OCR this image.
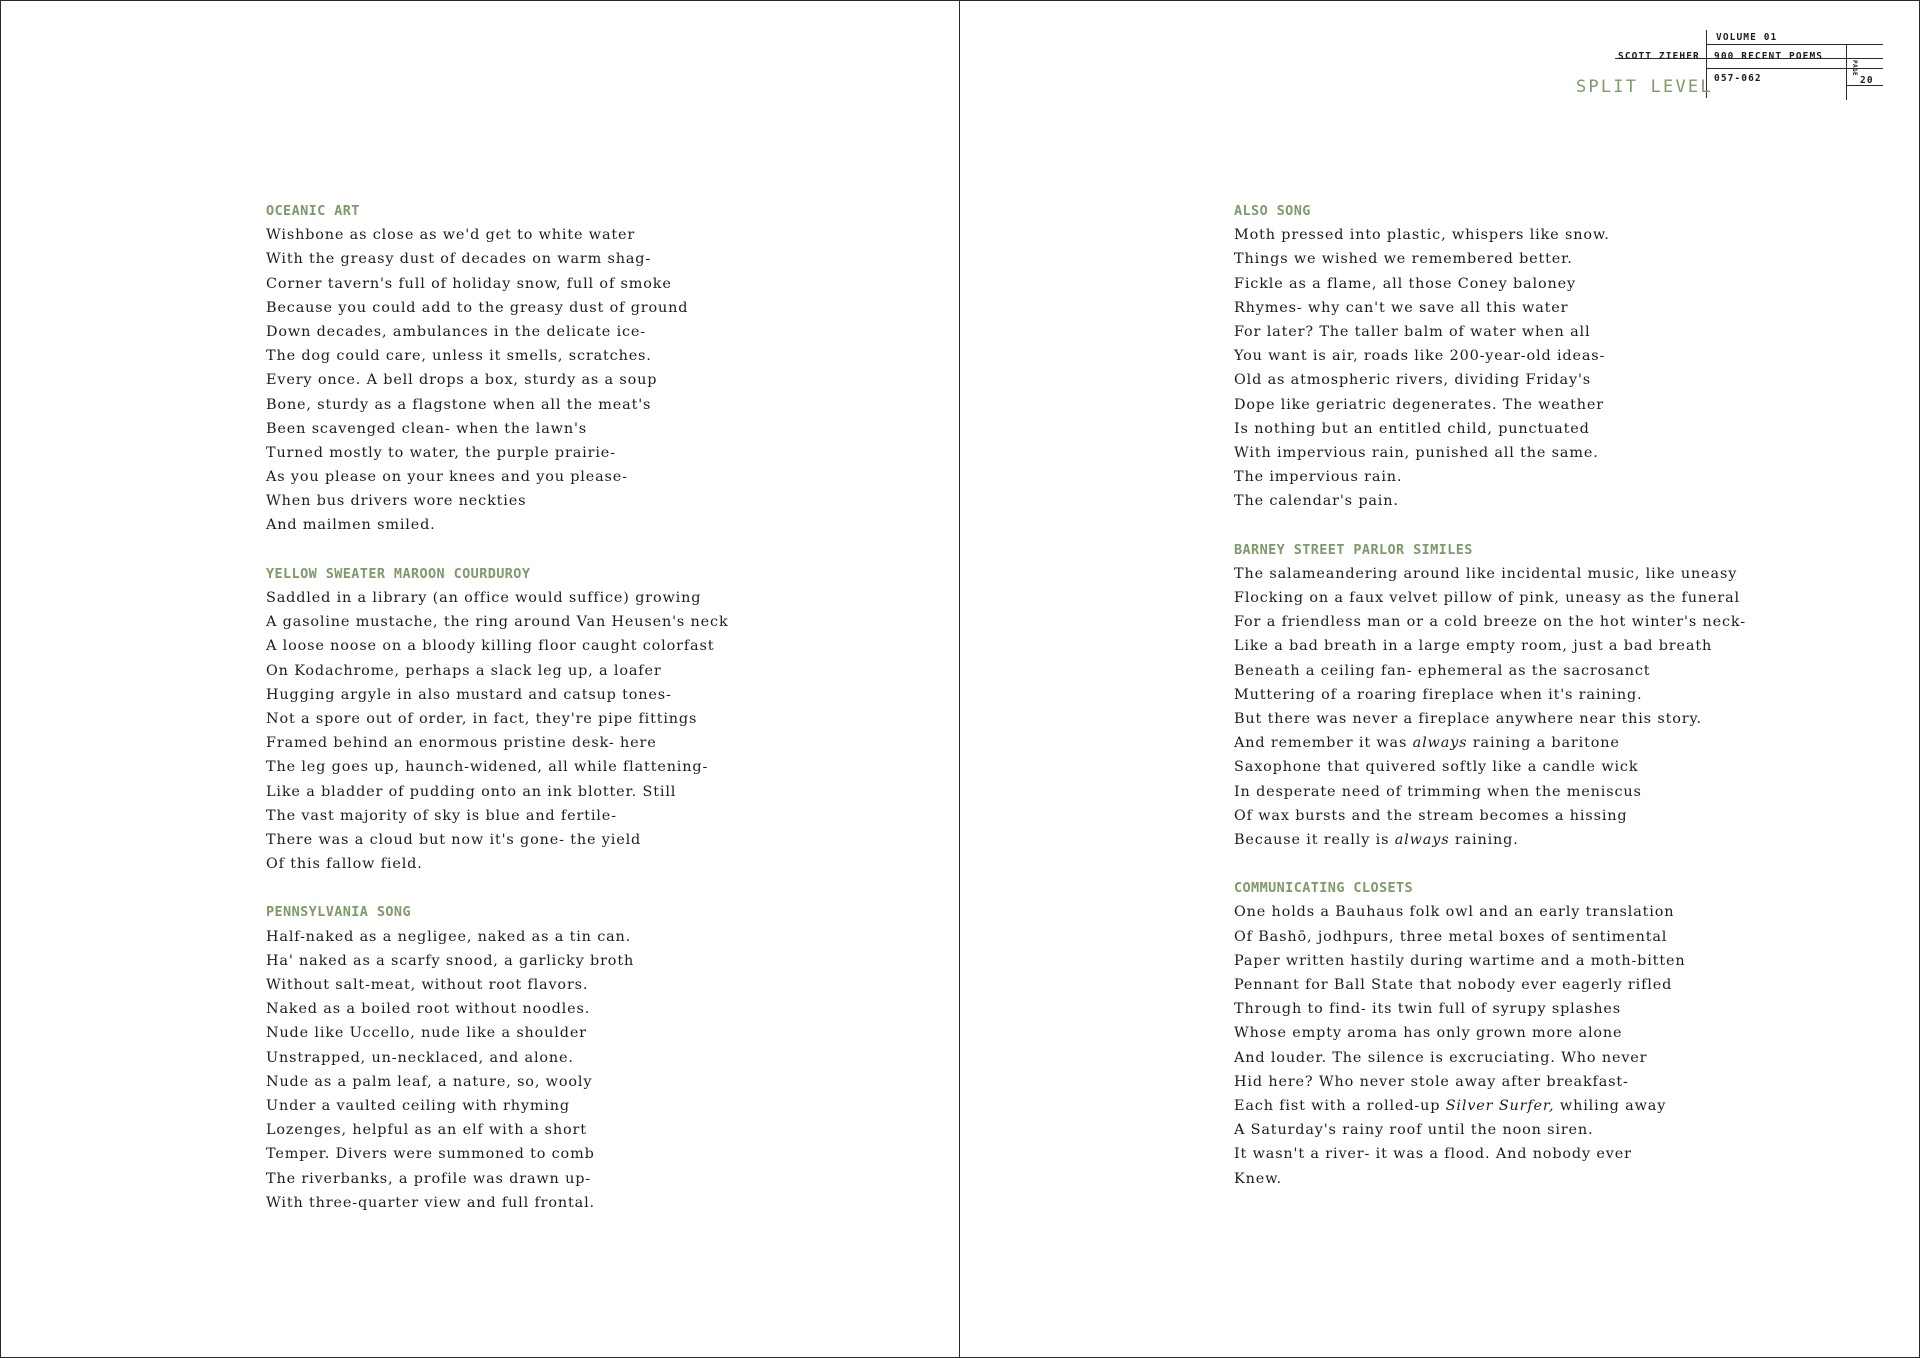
OCEANIC ART
Wishbone as close as we'd get to white water
With the greasy dust of decades on warm shag-
Corner tavern's full of holiday snow, full of smoke
Because you could add to the greasy dust of ground
Down decades, ambulances in the delicate ice-
The dog could care, unless it smells, scratches.
Every once. A bell drops a box, sturdy as a soup
Bone, sturdy as a flagstone when all the meat's
Been scavenged clean- when the lawn's
Turned mostly to water, the purple prairie-
As you please on your knees and you please-
When bus drivers wore neckties
And mailmen smiled.
YELLOW SWEATER MAROON COURDUROY
Saddled in a library (an office would suffice) growing
A gasoline mustache, the ring around Van Heusen's neck
A loose noose on a bloody killing floor caught colorfast
On Kodachrome, perhaps a slack leg up, a loafer
Hugging argyle in also mustard and catsup tones-
Not a spore out of order, in fact, they're pipe fittings
Framed behind an enormous pristine desk- here
The leg goes up, haunch-widened, all while flattening-
Like a bladder of pudding onto an ink blotter. Still
The vast majority of sky is blue and fertile-
There was a cloud but now it's gone- the yield
Of this fallow field.
PENNSYLVANIA SONG
Half-naked as a negligee, naked as a tin can.
Ha' naked as a scarfy snood, a garlicky broth
Without salt-meat, without root flavors.
Naked as a boiled root without noodles.
Nude like Uccello, nude like a shoulder
Unstrapped, un-necklaced, and alone.
Nude as a palm leaf, a nature, so, wooly
Under a vaulted ceiling with rhyming
Lozenges, helpful as an elf with a short
Temper. Divers were summoned to comb
The riverbanks, a profile was drawn up-
With three-quarter view and full frontal.
ALSO SONG
Moth pressed into plastic, whispers like snow.
Things we wished we remembered better.
Fickle as a flame, all those Coney baloney
Rhymes- why can't we save all this water
For later? The taller balm of water when all
You want is air, roads like 200-year-old ideas-
Old as atmospheric rivers, dividing Friday's
Dope like geriatric degenerates. The weather
Is nothing but an entitled child, punctuated
With impervious rain, punished all the same.
The impervious rain.
The calendar's pain.
BARNEY STREET PARLOR SIMILES
The salameandering around like incidental music, like uneasy
Flocking on a faux velvet pillow of pink, uneasy as the funeral
For a friendless man or a cold breeze on the hot winter's neck-
Like a bad breath in a large empty room, just a bad breath
Beneath a ceiling fan- ephemeral as the sacrosanct
Muttering of a roaring fireplace when it's raining.
But there was never a fireplace anywhere near this story.
And remember it was always raining a baritone
Saxophone that quivered softly like a candle wick
In desperate need of trimming when the meniscus
Of wax bursts and the stream becomes a hissing
Because it really is always raining.
COMMUNICATING CLOSETS
One holds a Bauhaus folk owl and an early translation
Of Bashō, jodhpurs, three metal boxes of sentimental
Paper written hastily during wartime and a moth-bitten
Pennant for Ball State that nobody ever eagerly rifled
Through to find- its twin full of syrupy splashes
Whose empty aroma has only grown more alone
And louder. The silence is excruciating. Who never
Hid here? Who never stole away after breakfast-
Each fist with a rolled-up Silver Surfer, whiling away
A Saturday's rainy roof until the noon siren.
It wasn't a river- it was a flood. And nobody ever
Knew.
VOLUME 01
SCOTT ZIEHER 900 RECENT POEMS
057-062
PAGE
20
SPLIT LEVEL
